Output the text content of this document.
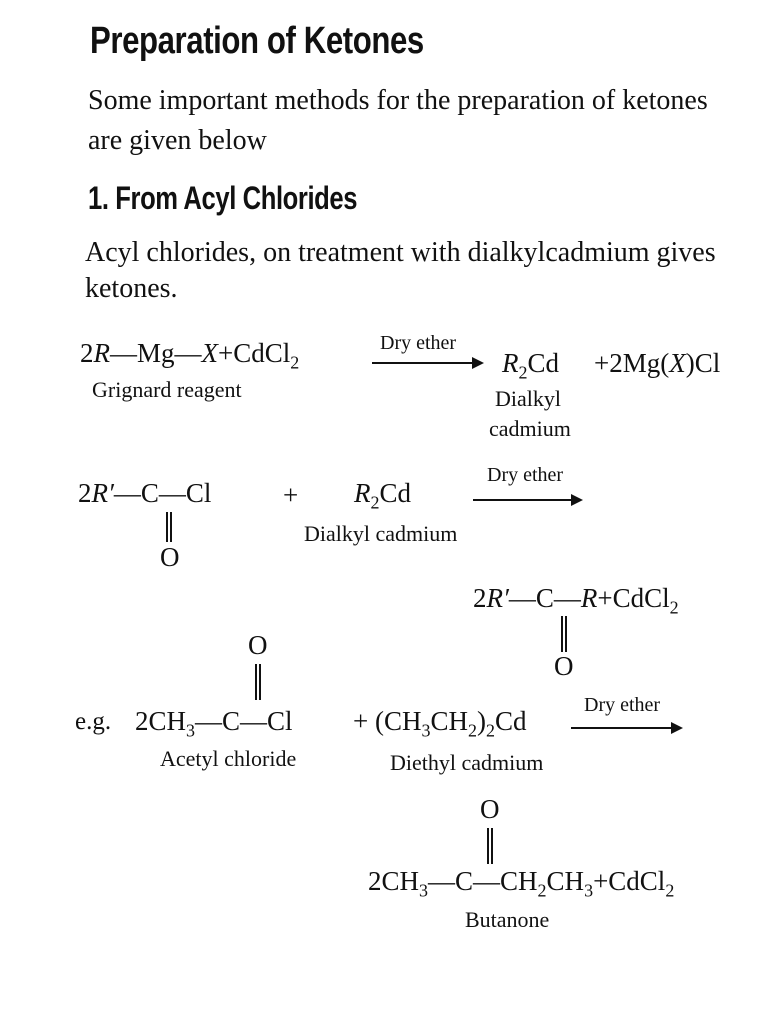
Preparation of Ketones
Some important methods for the preparation of ketones
are given below
1. From Acyl Chlorides
Acyl chlorides, on treatment with dialkylcadmium gives
ketones.
2R—Mg—X+CdCl$_2$
Dry ether
$R_2Cd +2Mg(X)Cl$
Grignard reagent	Dialkyl
cadmium
2R′—C—Cl
O
+ $R_2Cd$
Dialkyl cadmium
Dry ether
2R′—C—R+CdCl$_2$
O
O
e.g. $2CH_3—C—Cl$
Acetyl chloride
+ $(CH_3CH_2)_2Cd$
Diethyl cadmium
Dry ether
O
$2CH_3—C—CH_2CH_3+CdCl_2$
Butanone
